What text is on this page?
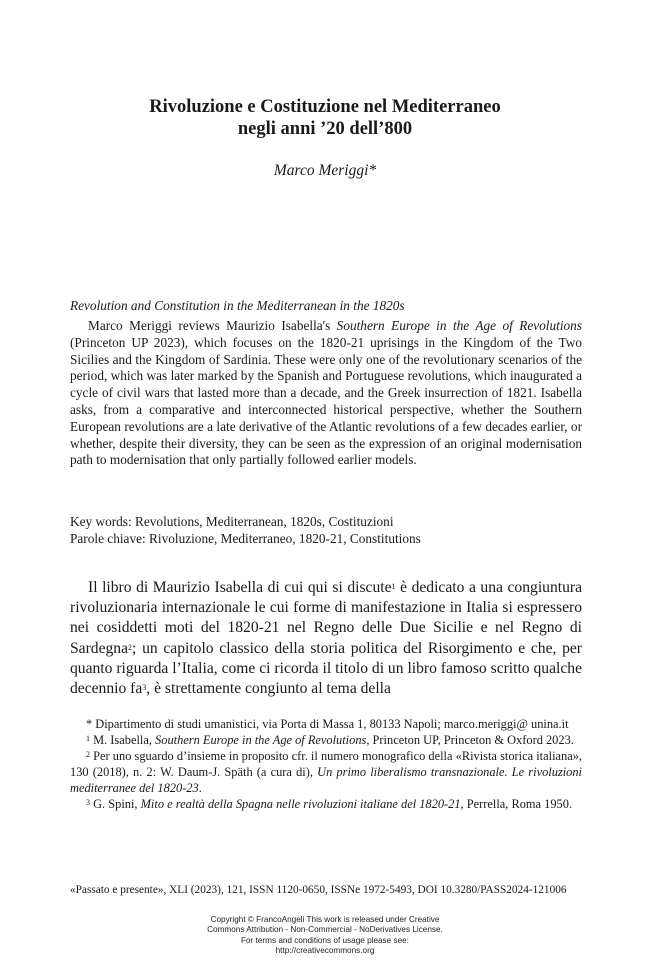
Rivoluzione e Costituzione nel Mediterraneo
negli anni ’20 dell’800
Marco Meriggi*
Revolution and Constitution in the Mediterranean in the 1820s

Marco Meriggi reviews Maurizio Isabella's Southern Europe in the Age of Revolutions (Princeton UP 2023), which focuses on the 1820-21 uprisings in the Kingdom of the Two Sicilies and the Kingdom of Sardinia. These were only one of the revolutionary scenarios of the period, which was later marked by the Spanish and Portuguese revolutions, which inaugurated a cycle of civil wars that lasted more than a decade, and the Greek insurrection of 1821. Isabella asks, from a comparative and interconnected historical perspective, whether the Southern European revolutions are a late derivative of the Atlantic revolutions of a few decades earlier, or whether, despite their diversity, they can be seen as the expression of an original modernisation path to modernisation that only partially followed earlier models.

Key words: Revolutions, Mediterranean, 1820s, Costituzioni
Parole chiave: Rivoluzione, Mediterraneo, 1820-21, Constitutions

Il libro di Maurizio Isabella di cui qui si discute$^1$ è dedicato a una congiuntura rivoluzionaria internazionale le cui forme di manifestazione in Italia si espressero nei cosiddetti moti del 1820-21 nel Regno delle Due Sicilie e nel Regno di Sardegna$^2$; un capitolo classico della storia politica del Risorgimento e che, per quanto riguarda l’Italia, come ci ricorda il titolo di un libro famoso scritto qualche decennio $fa^3$, è strettamente congiunto al tema della

* Dipartimento di studi umanistici, via Porta di Massa 1, 80133 Napoli; marco.meriggi@ unina.it

$^1$ M. Isabella, Southern Europe in the Age of Revolutions, Princeton UP, Princeton & Oxford 2023.

$^2$ Per uno sguardo d’insieme in proposito cfr. il numero monografico della «Rivista storica italiana», 130 (2018), n. 2: W. Daum-J. Späth (a cura di), Un primo liberalismo transnazionale. Le rivoluzioni mediterranee del 1820-23.

$^3$ G. Spini, Mito e realtà della Spagna nelle rivoluzioni italiane del 1820-21, Perrella, Roma 1950.

«Passato e presente», XLI (2023), 121, ISSN 1120-0650, ISSNe 1972-5493, DOI 10.3280/PASS2024-121006
Copyright © FrancoAngeli This work is released under Creative
Commons Attribution - Non-Commercial - NoDerivatives License.
For terms and conditions of usage please see:
http://creativecommons.org
